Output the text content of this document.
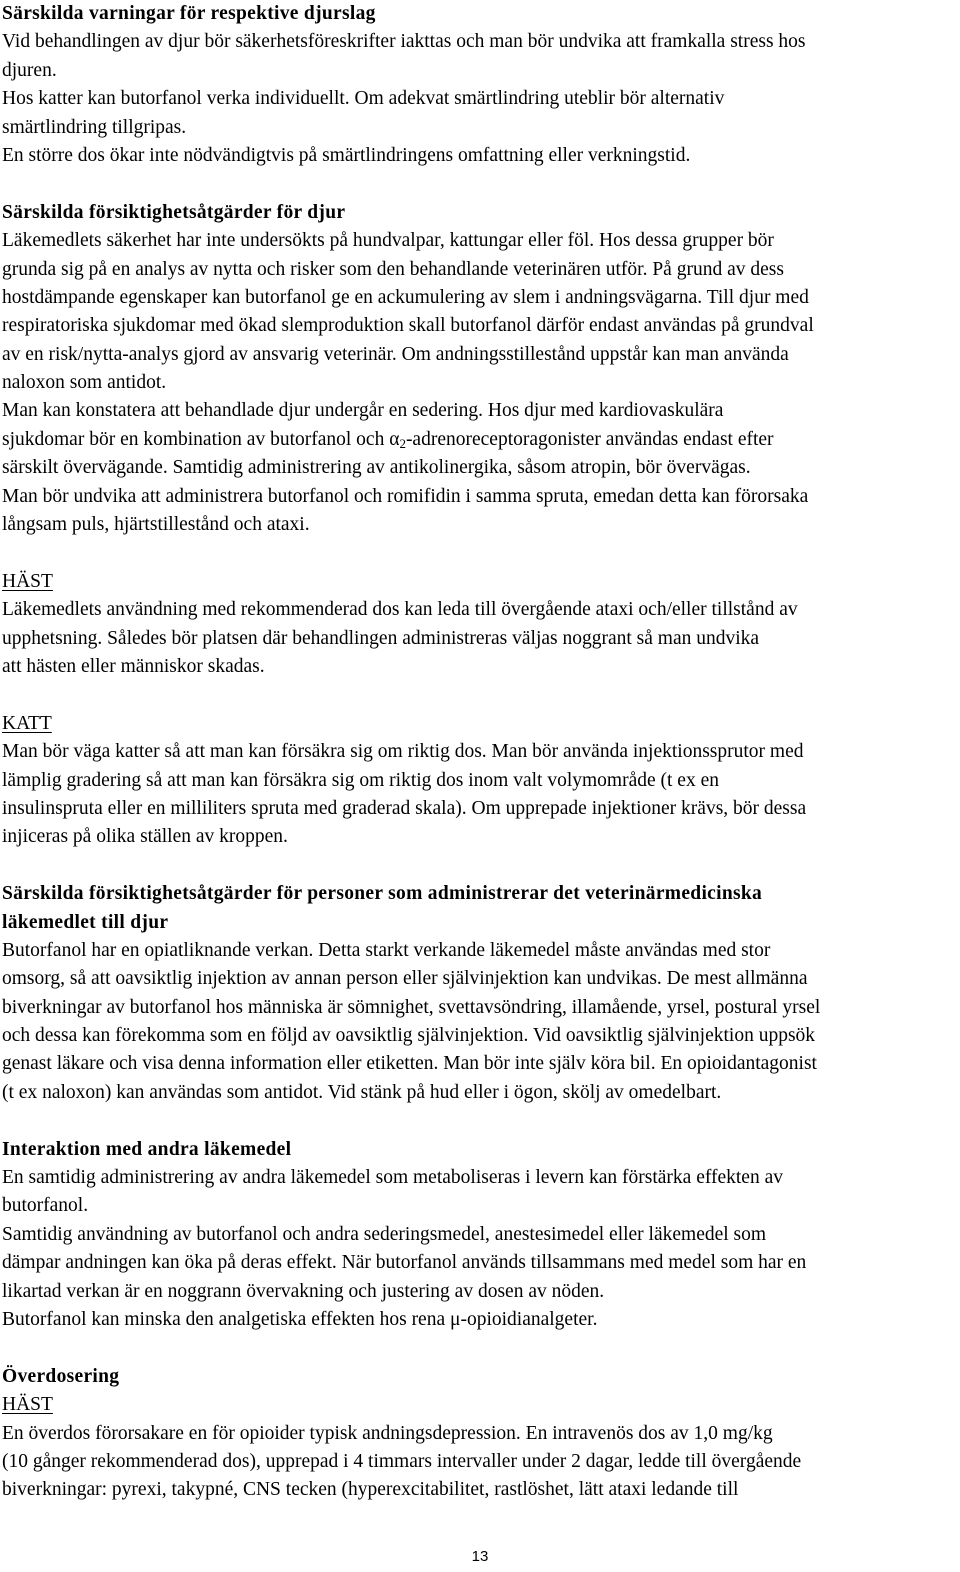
Särskilda varningar för respektive djurslag
Vid behandlingen av djur bör säkerhetsföreskrifter iakttas och man bör undvika att framkalla stress hos
djuren.
Hos katter kan butorfanol verka individuellt. Om adekvat smärtlindring uteblir bör alternativ
smärtlindring tillgripas.
En större dos ökar inte nödvändigtvis på smärtlindringens omfattning eller verkningstid.
Särskilda försiktighetsåtgärder för djur
Läkemedlets säkerhet har inte undersökts på hundvalpar, kattungar eller föl. Hos dessa grupper bör
grunda sig på en analys av nytta och risker som den behandlande veterinären utför. På grund av dess
hostdämpande egenskaper kan butorfanol ge en ackumulering av slem i andningsvägarna. Till djur med
respiratoriska sjukdomar med ökad slemproduktion skall butorfanol därför endast användas på grundval
av en risk/nytta-analys gjord av ansvarig veterinär. Om andningsstillestånd uppstår kan man använda
naloxon som antidot.
Man kan konstatera att behandlade djur undergår en sedering. Hos djur med kardiovaskulära
sjukdomar bör en kombination av butorfanol och $\alpha_2$-adrenoreceptoragonister användas endast efter
särskilt övervägande. Samtidig administrering av antikolinergika, såsom atropin, bör övervägas.
Man bör undvika att administrera butorfanol och romifidin i samma spruta, emedan detta kan förorsaka
långsam puls, hjärtstillestånd och ataxi.
HÄST
Läkemedlets användning med rekommenderad dos kan leda till övergående ataxi och/eller tillstånd av
upphetsning. Således bör platsen där behandlingen administreras väljas noggrant så man undvika
att hästen eller människor skadas.
KATT
Man bör väga katter så att man kan försäkra sig om riktig dos. Man bör använda injektionssprutor med
lämplig gradering så att man kan försäkra sig om riktig dos inom valt volymområde (t ex en
insulinspruta eller en milliliters spruta med graderad skala). Om upprepade injektioner krävs, bör dessa
injiceras på olika ställen av kroppen.
Särskilda försiktighetsåtgärder för personer som administrerar det veterinärmedicinska
läkemedlet till djur
Butorfanol har en opiatliknande verkan. Detta starkt verkande läkemedel måste användas med stor
omsorg, så att oavsiktlig injektion av annan person eller självinjektion kan undvikas. De mest allmänna
biverkningar av butorfanol hos människa är sömnighet, svettavsöndring, illamående, yrsel, postural yrsel
och dessa kan förekomma som en följd av oavsiktlig självinjektion. Vid oavsiktlig självinjektion uppsök
genast läkare och visa denna information eller etiketten. Man bör inte själv köra bil. En opioidantagonist
(t ex naloxon) kan användas som antidot. Vid stänk på hud eller i ögon, skölj av omedelbart.
Interaktion med andra läkemedel
En samtidig administrering av andra läkemedel som metaboliseras i levern kan förstärka effekten av
butorfanol.
Samtidig användning av butorfanol och andra sederingsmedel, anestesimedel eller läkemedel som
dämpar andningen kan öka på deras effekt. När butorfanol används tillsammans med medel som har en
likartad verkan är en noggrann övervakning och justering av dosen av nöden.
Butorfanol kan minska den analgetiska effekten hos rena μ-opioidianalgeter.
Överdosering
HÄST
En överdos förorsakare en för opioider typisk andningsdepression. En intravenös dos av 1,0 mg/kg
(10 gånger rekommenderad dos), upprepad i 4 timmars intervaller under 2 dagar, ledde till övergående
biverkningar: pyrexi, takypné, CNS tecken (hyperexcitabilitet, rastlöshet, lätt ataxi ledande till
13
